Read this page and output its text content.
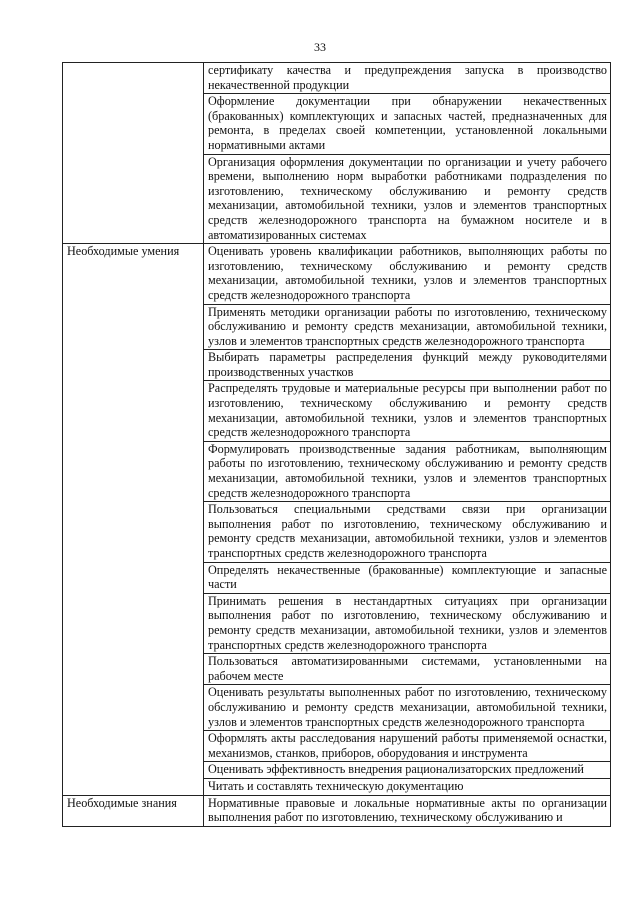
33
	сертификату качества и предупреждения запуска в производство некачественной продукции
	Оформление документации при обнаружении некачественных (бракованных) комплектующих и запасных частей, предназначенных для ремонта, в пределах своей компетенции, установленной локальными нормативными актами
	Организация оформления документации по организации и учету рабочего времени, выполнению норм выработки работниками подразделения по изготовлению, техническому обслуживанию и ремонту средств механизации, автомобильной техники, узлов и элементов транспортных средств железнодорожного транспорта на бумажном носителе и в автоматизированных системах
Необходимые умения	Оценивать уровень квалификации работников, выполняющих работы по изготовлению, техническому обслуживанию и ремонту средств механизации, автомобильной техники, узлов и элементов транспортных средств железнодорожного транспорта
	Применять методики организации работы по изготовлению, техническому обслуживанию и ремонту средств механизации, автомобильной техники, узлов и элементов транспортных средств железнодорожного транспорта
	Выбирать параметры распределения функций между руководителями производственных участков
	Распределять трудовые и материальные ресурсы при выполнении работ по изготовлению, техническому обслуживанию и ремонту средств механизации, автомобильной техники, узлов и элементов транспортных средств железнодорожного транспорта
	Формулировать производственные задания работникам, выполняющим работы по изготовлению, техническому обслуживанию и ремонту средств механизации, автомобильной техники, узлов и элементов транспортных средств железнодорожного транспорта
	Пользоваться специальными средствами связи при организации выполнения работ по изготовлению, техническому обслуживанию и ремонту средств механизации, автомобильной техники, узлов и элементов транспортных средств железнодорожного транспорта
	Определять некачественные (бракованные) комплектующие и запасные части
	Принимать решения в нестандартных ситуациях при организации выполнения работ по изготовлению, техническому обслуживанию и ремонту средств механизации, автомобильной техники, узлов и элементов транспортных средств железнодорожного транспорта
	Пользоваться автоматизированными системами, установленными на рабочем месте
	Оценивать результаты выполненных работ по изготовлению, техническому обслуживанию и ремонту средств механизации, автомобильной техники, узлов и элементов транспортных средств железнодорожного транспорта
	Оформлять акты расследования нарушений работы применяемой оснастки, механизмов, станков, приборов, оборудования и инструмента
	Оценивать эффективность внедрения рационализаторских предложений
	Читать и составлять техническую документацию
Необходимые знания	Нормативные правовые и локальные нормативные акты по организации выполнения работ по изготовлению, техническому обслуживанию и
